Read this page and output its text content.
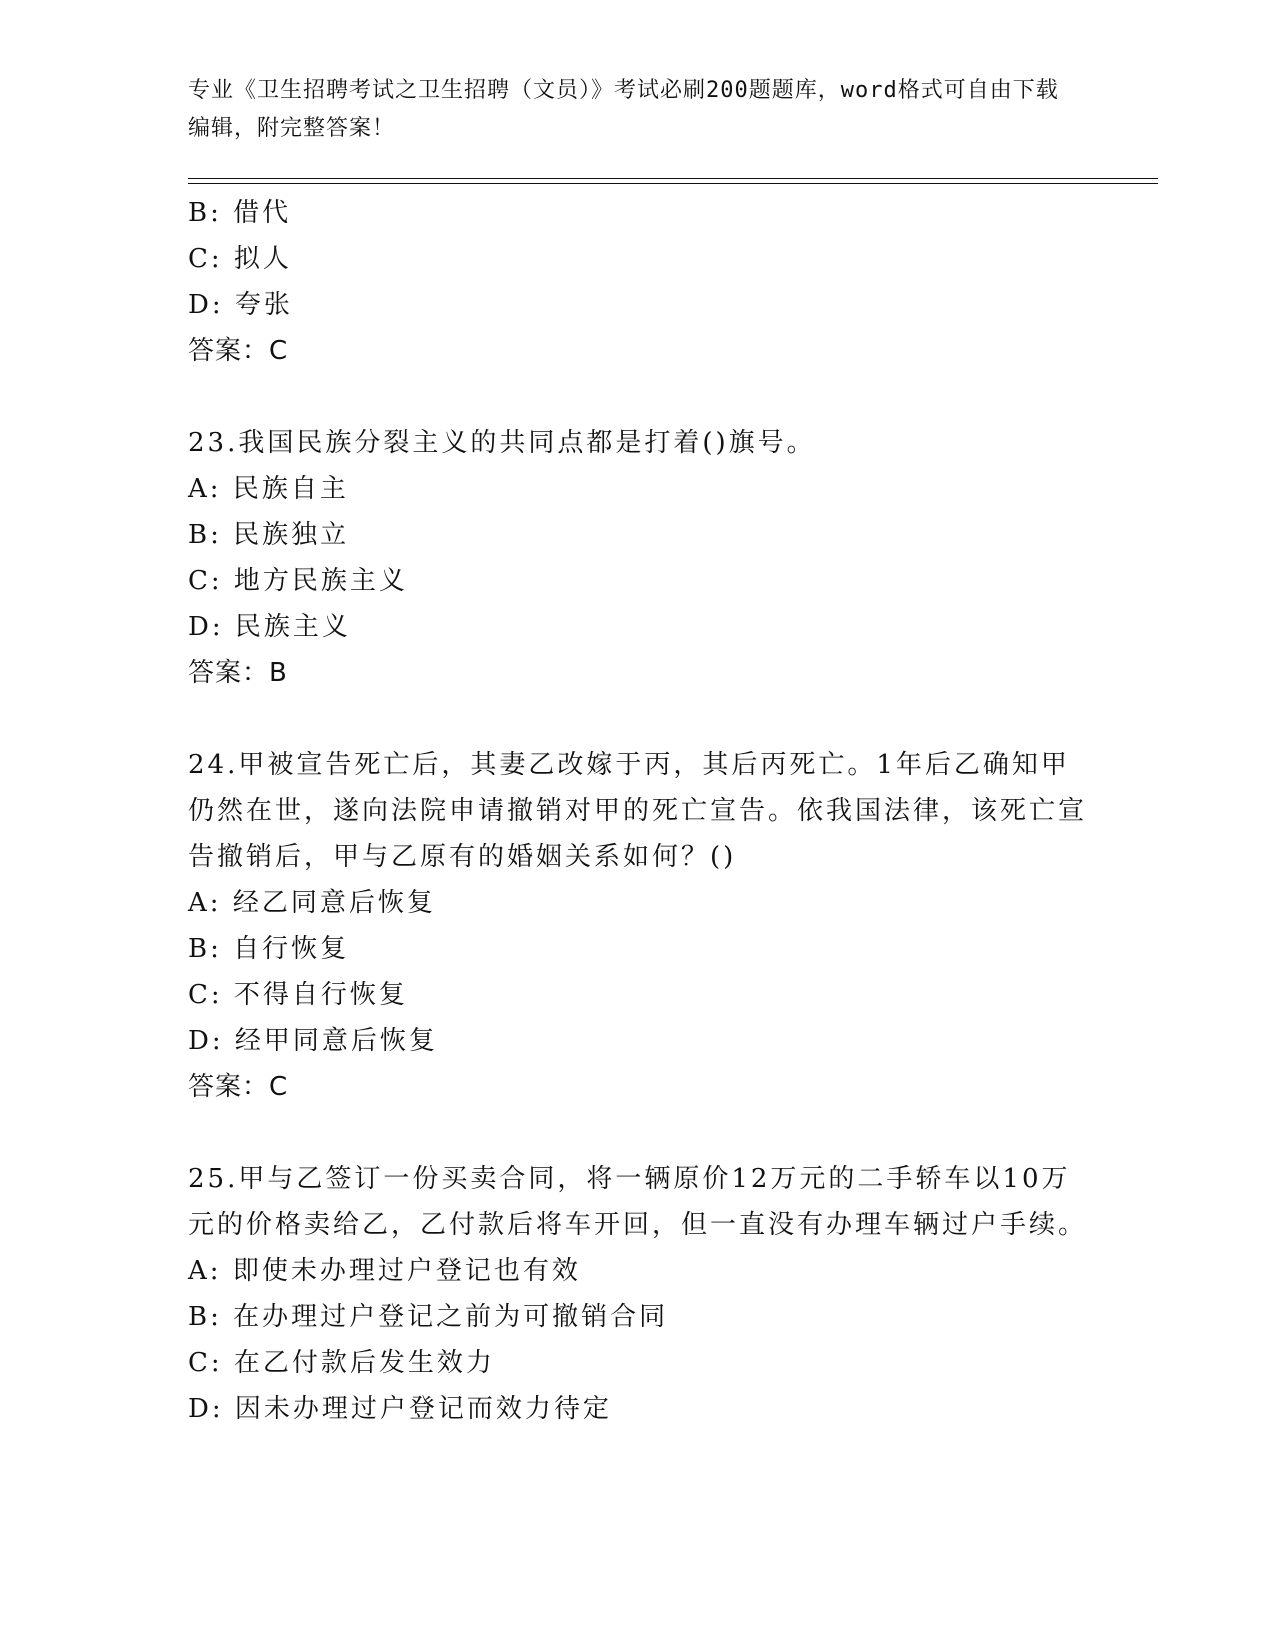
专业《卫生招聘考试之卫生招聘（文员）》考试必刷200题题库，word格式可自由下载编辑，附完整答案！
B: 借代
C: 拟人
D: 夸张
答案：C
23.我国民族分裂主义的共同点都是打着()旗号。
A: 民族自主
B: 民族独立
C: 地方民族主义
D: 民族主义
答案：B
24.甲被宣告死亡后，其妻乙改嫁于丙，其后丙死亡。1年后乙确知甲仍然在世，遂向法院申请撤销对甲的死亡宣告。依我国法律，该死亡宣告撤销后，甲与乙原有的婚姻关系如何？()
A: 经乙同意后恢复
B: 自行恢复
C: 不得自行恢复
D: 经甲同意后恢复
答案：C
25.甲与乙签订一份买卖合同，将一辆原价12万元的二手轿车以10万元的价格卖给乙，乙付款后将车开回，但一直没有办理车辆过户手续。
A: 即使未办理过户登记也有效
B: 在办理过户登记之前为可撤销合同
C: 在乙付款后发生效力
D: 因未办理过户登记而效力待定
